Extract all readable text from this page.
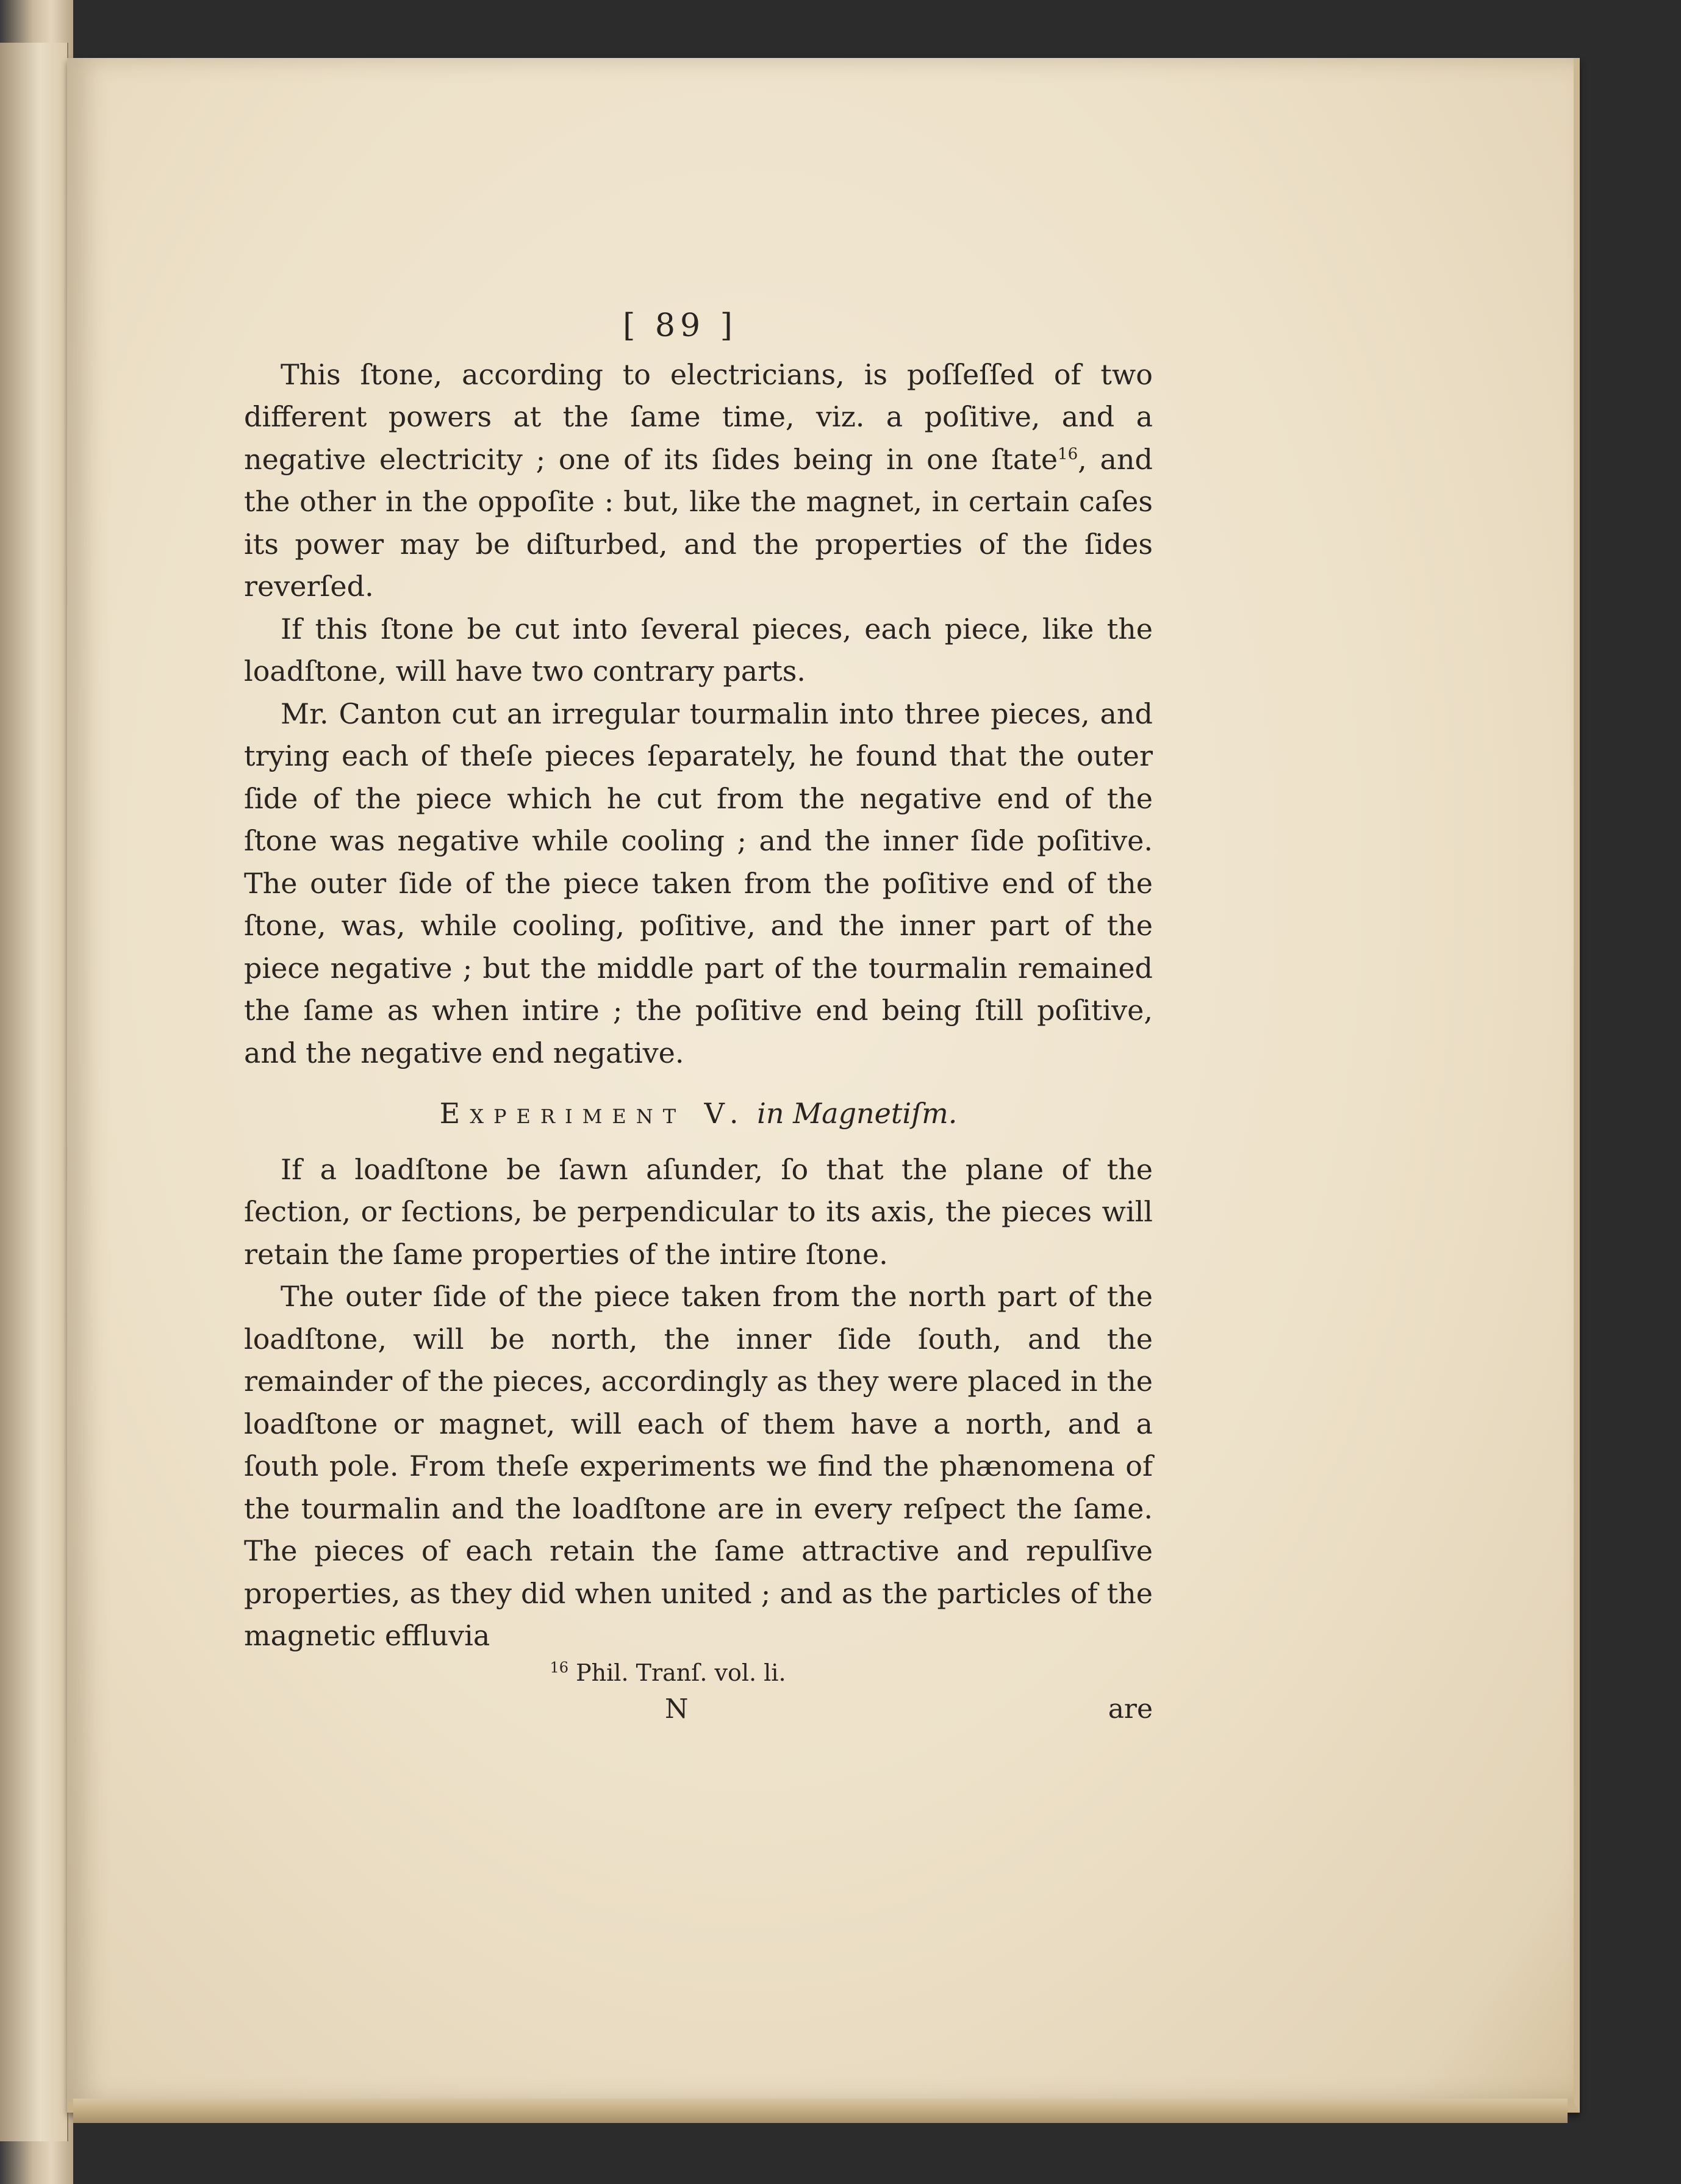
[ 89 ]

This ſtone, according to electricians, is poſſeſſed of two different powers at the ſame time, viz. a poſitive, and a negative electricity ; one of its ſides being in one ſtate$^{16}$, and the other in the oppoſite : but, like the magnet, in certain caſes its power may be diſturbed, and the properties of the ſides reverſed.

If this ſtone be cut into ſeveral pieces, each piece, like the loadſtone, will have two contrary parts.

Mr. Canton cut an irregular tourmalin into three pieces, and trying each of theſe pieces ſeparately, he found that the outer ſide of the piece which he cut from the negative end of the ſtone was negative while cooling ; and the inner ſide poſitive. The outer ſide of the piece taken from the poſitive end of the ſtone, was, while cooling, poſitive, and the inner part of the piece negative ; but the middle part of the tourmalin remained the ſame as when intire ; the poſitive end being ſtill poſitive, and the negative end negative.

Experiment V. in Magnetiſm.

If a loadſtone be ſawn aſunder, ſo that the plane of the ſection, or ſections, be perpendicular to its axis, the pieces will retain the ſame properties of the intire ſtone.

The outer ſide of the piece taken from the north part of the loadſtone, will be north, the inner ſide ſouth, and the remainder of the pieces, accordingly as they were placed in the loadſtone or magnet, will each of them have a north, and a ſouth pole. From theſe experiments we find the phænomena of the tourmalin and the loadſtone are in every reſpect the ſame. The pieces of each retain the ſame attractive and repulſive properties, as they did when united ; and as the particles of the magnetic effluvia

$^{16}$ Phil. Tranſ. vol. li.
N	are
